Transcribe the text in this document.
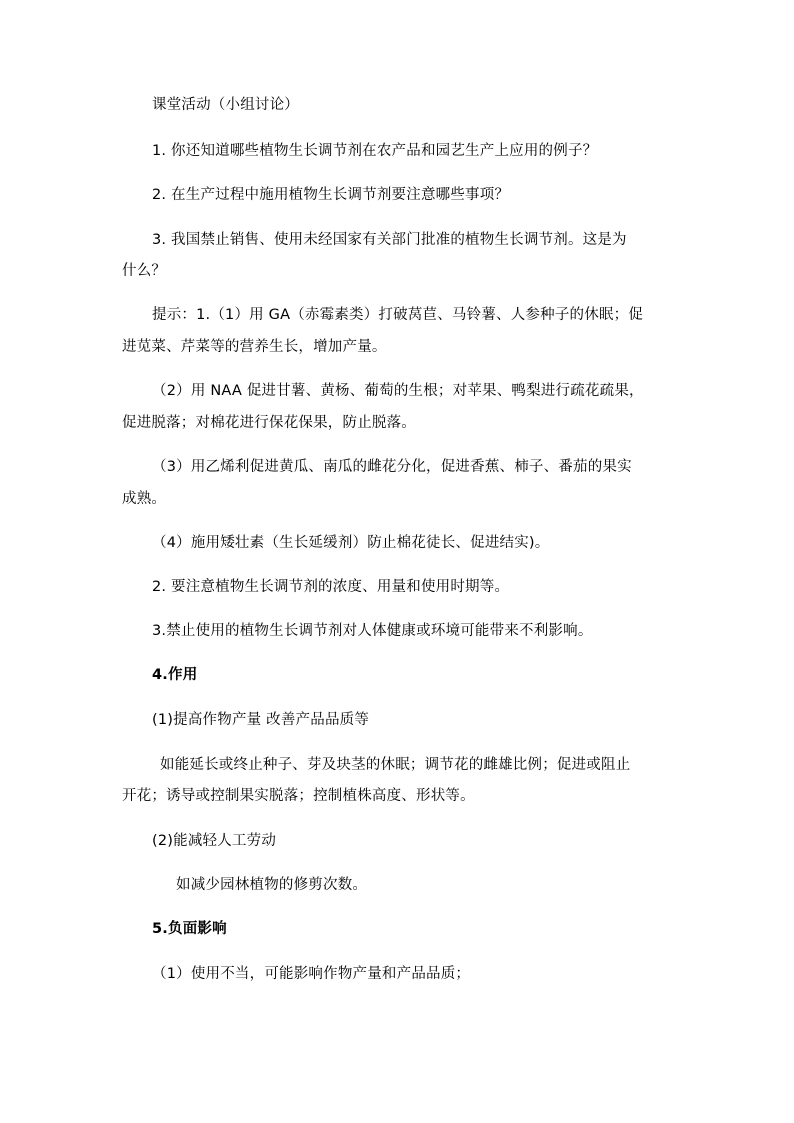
课堂活动（小组讨论）
1. 你还知道哪些植物生长调节剂在农产品和园艺生产上应用的例子？
2. 在生产过程中施用植物生长调节剂要注意哪些事项？
3. 我国禁止销售、使用未经国家有关部门批准的植物生长调节剂。这是为
什么？
提示：1.（1）用 GA（赤霉素类）打破莴苣、马铃薯、人参种子的休眠；促
进苋菜、芹菜等的营养生长，增加产量。
（2）用 NAA 促进甘薯、黄杨、葡萄的生根；对苹果、鸭梨进行疏花疏果，
促进脱落；对棉花进行保花保果，防止脱落。
（3）用乙烯利促进黄瓜、南瓜的雌花分化，促进香蕉、柿子、番茄的果实
成熟。
（4）施用矮壮素（生长延缓剂）防止棉花徒长、促进结实)。
2. 要注意植物生长调节剂的浓度、用量和使用时期等。
3.禁止使用的植物生长调节剂对人体健康或环境可能带来不利影响。
4.作用
(1)提高作物产量 改善产品品质等
如能延长或终止种子、芽及块茎的休眠；调节花的雌雄比例；促进或阻止
开花；诱导或控制果实脱落；控制植株高度、形状等。
(2)能减轻人工劳动
如减少园林植物的修剪次数。
5.负面影响
（1）使用不当，可能影响作物产量和产品品质；
